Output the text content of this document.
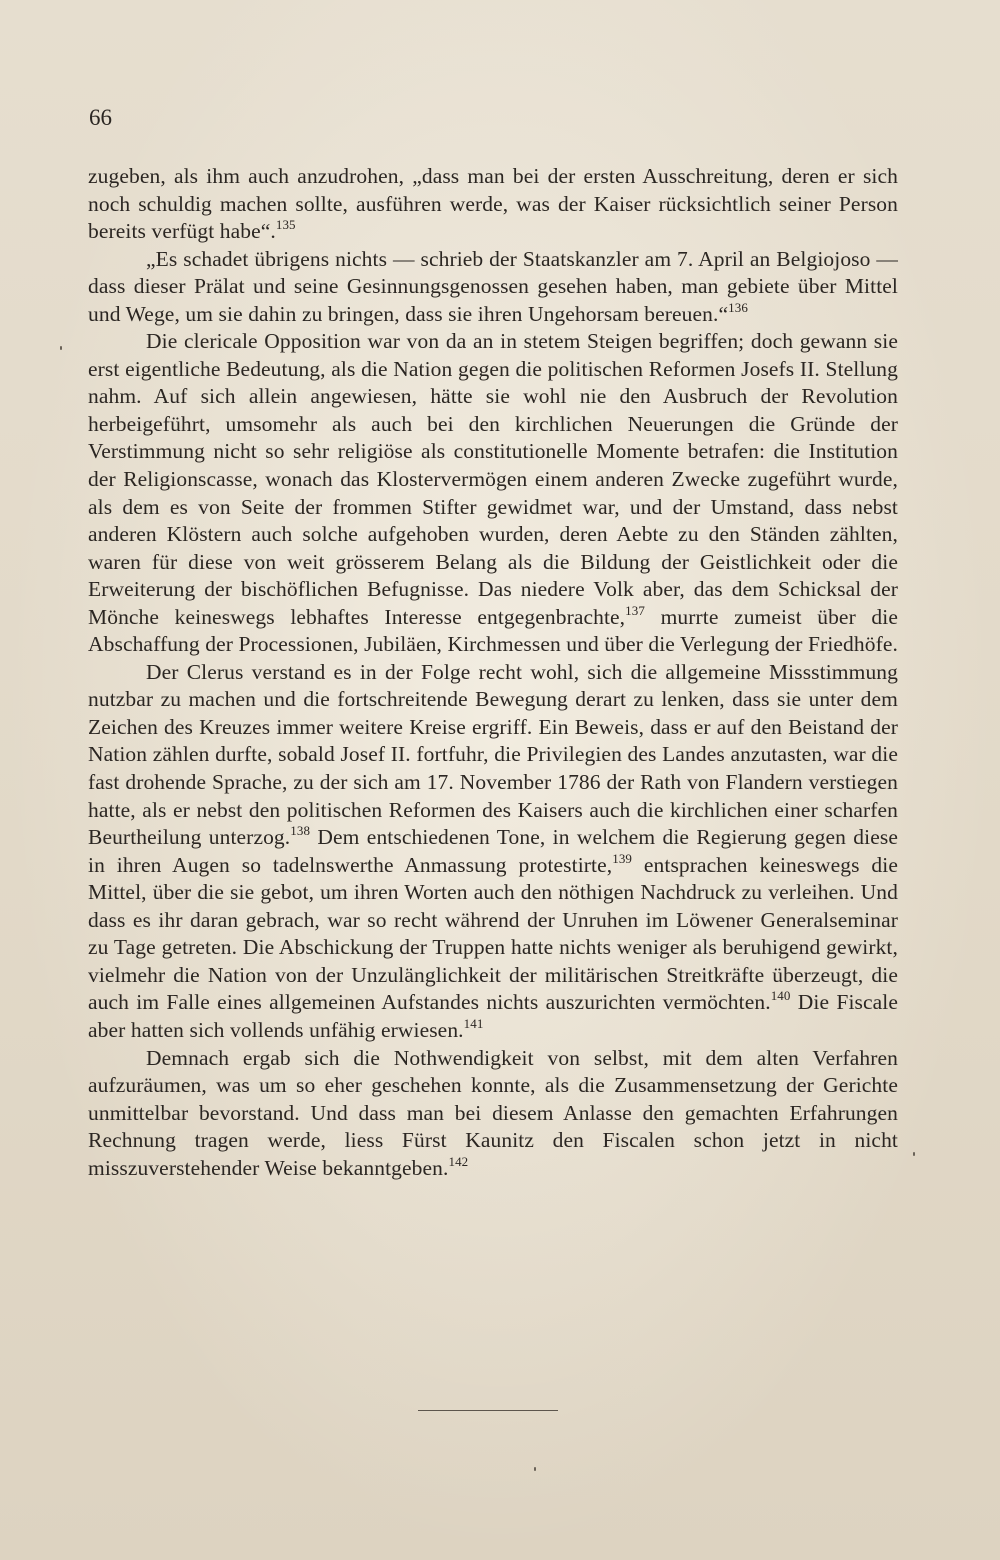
66

zugeben, als ihm auch anzudrohen, „dass man bei der ersten Ausschreitung, deren er sich noch schuldig machen sollte, ausführen werde, was der Kaiser rücksichtlich seiner Person bereits verfügt habe“.$^{135}$

„Es schadet übrigens nichts — schrieb der Staatskanzler am 7. April an Belgiojoso — dass dieser Prälat und seine Gesinnungsgenossen gesehen haben, man gebiete über Mittel und Wege, um sie dahin zu bringen, dass sie ihren Ungehorsam bereuen.“$^{136}$

Die clericale Opposition war von da an in stetem Steigen begriffen; doch gewann sie erst eigentliche Bedeutung, als die Nation gegen die politischen Reformen Josefs II. Stellung nahm. Auf sich allein angewiesen, hätte sie wohl nie den Ausbruch der Revolution herbeigeführt, umsomehr als auch bei den kirchlichen Neuerungen die Gründe der Verstimmung nicht so sehr religiöse als constitutionelle Momente betrafen: die Institution der Religionscasse, wonach das Klostervermögen einem anderen Zwecke zugeführt wurde, als dem es von Seite der frommen Stifter gewidmet war, und der Umstand, dass nebst anderen Klöstern auch solche aufgehoben wurden, deren Aebte zu den Ständen zählten, waren für diese von weit grösserem Belang als die Bildung der Geistlichkeit oder die Erweiterung der bischöflichen Befugnisse. Das niedere Volk aber, das dem Schicksal der Mönche keineswegs lebhaftes Interesse entgegenbrachte,$^{137}$ murrte zumeist über die Abschaffung der Processionen, Jubiläen, Kirchmessen und über die Verlegung der Friedhöfe.

Der Clerus verstand es in der Folge recht wohl, sich die allgemeine Missstimmung nutzbar zu machen und die fortschreitende Bewegung derart zu lenken, dass sie unter dem Zeichen des Kreuzes immer weitere Kreise ergriff. Ein Beweis, dass er auf den Beistand der Nation zählen durfte, sobald Josef II. fortfuhr, die Privilegien des Landes anzutasten, war die fast drohende Sprache, zu der sich am 17. November 1786 der Rath von Flandern verstiegen hatte, als er nebst den politischen Reformen des Kaisers auch die kirchlichen einer scharfen Beurtheilung unterzog.$^{138}$ Dem entschiedenen Tone, in welchem die Regierung gegen diese in ihren Augen so tadelnswerthe Anmassung protestirte,$^{139}$ entsprachen keineswegs die Mittel, über die sie gebot, um ihren Worten auch den nöthigen Nachdruck zu verleihen. Und dass es ihr daran gebrach, war so recht während der Unruhen im Löwener Generalseminar zu Tage getreten. Die Abschickung der Truppen hatte nichts weniger als beruhigend gewirkt, vielmehr die Nation von der Unzulänglichkeit der militärischen Streitkräfte überzeugt, die auch im Falle eines allgemeinen Aufstandes nichts auszurichten vermöchten.$^{140}$ Die Fiscale aber hatten sich vollends unfähig erwiesen.$^{141}$

Demnach ergab sich die Nothwendigkeit von selbst, mit dem alten Verfahren aufzuräumen, was um so eher geschehen konnte, als die Zusammensetzung der Gerichte unmittelbar bevorstand. Und dass man bei diesem Anlasse den gemachten Erfahrungen Rechnung tragen werde, liess Fürst Kaunitz den Fiscalen schon jetzt in nicht misszuverstehender Weise bekanntgeben.$^{142}$
